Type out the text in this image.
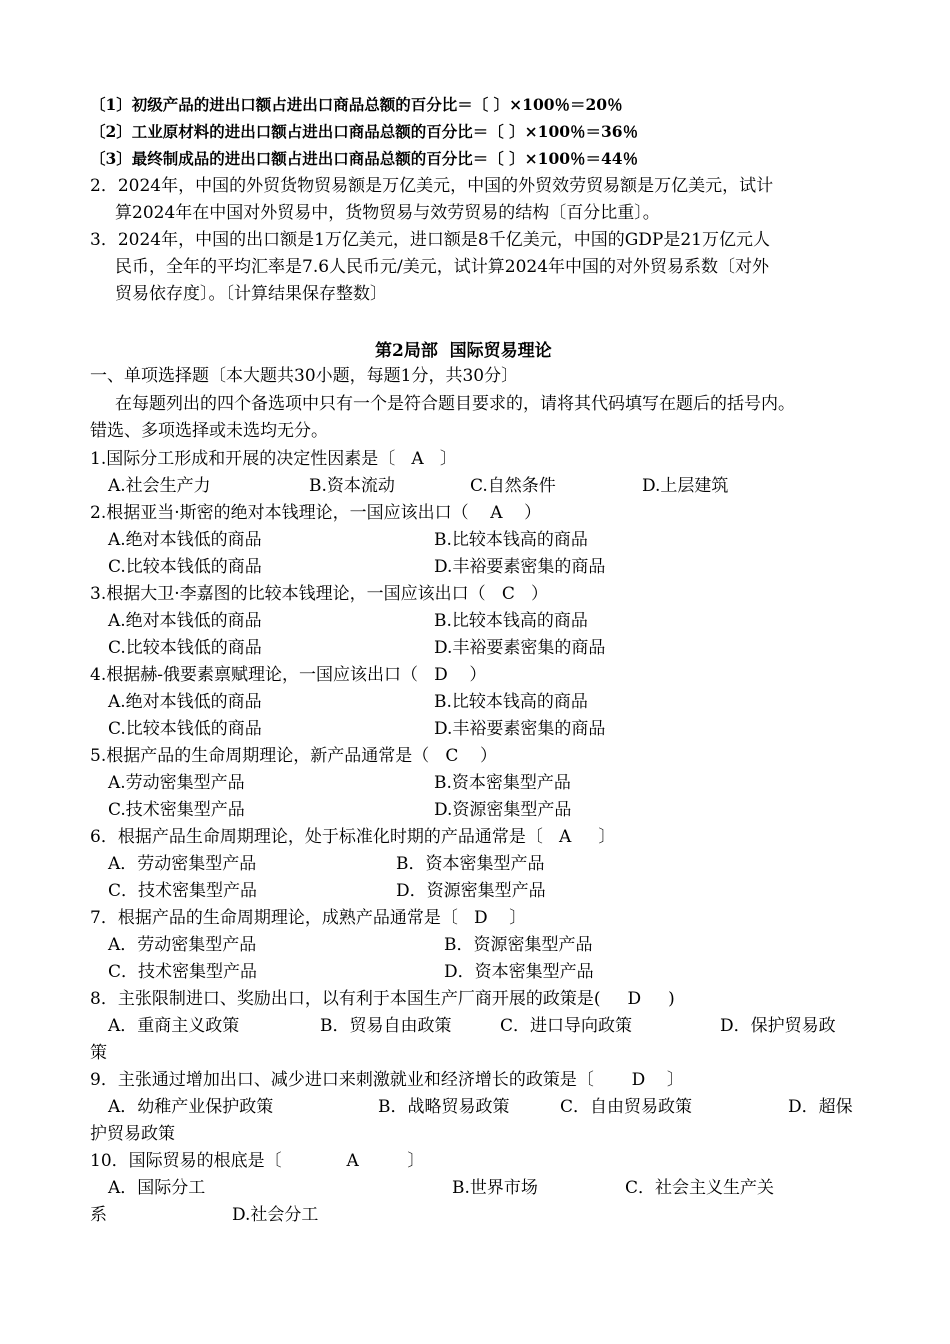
〔1〕初级产品的进出口额占进出口商品总额的百分比＝〔 〕×100％＝20％
〔2〕工业原材料的进出口额占进出口商品总额的百分比＝〔 〕×100％＝36％
〔3〕最终制成品的进出口额占进出口商品总额的百分比＝〔 〕×100％＝44％
2．2024年，中国的外贸货物贸易额是万亿美元，中国的外贸效劳贸易额是万亿美元，试计
算2024年在中国对外贸易中，货物贸易与效劳贸易的结构〔百分比重〕。
3．2024年，中国的出口额是1万亿美元，进口额是8千亿美元，中国的GDP是21万亿元人
民币，全年的平均汇率是7.6人民币元/美元，试计算2024年中国的对外贸易系数〔对外
贸易依存度〕。〔计算结果保存整数〕
第2局部  国际贸易理论
一、单项选择题〔本大题共30小题，每题1分，共30分〕
在每题列出的四个备选项中只有一个是符合题目要求的，请将其代码填写在题后的括号内。
错选、多项选择或未选均无分。
1.国际分工形成和开展的决定性因素是〔   A   〕
A.社会生产力	B.资本流动	C.自然条件	D.上层建筑
2.根据亚当·斯密的绝对本钱理论，一国应该出口（    A    ）
A.绝对本钱低的商品	B.比较本钱高的商品
C.比较本钱低的商品	D.丰裕要素密集的商品
3.根据大卫·李嘉图的比较本钱理论，一国应该出口（   C   ）
A.绝对本钱低的商品	B.比较本钱高的商品
C.比较本钱低的商品	D.丰裕要素密集的商品
4.根据赫-俄要素禀赋理论，一国应该出口（   D    ）
A.绝对本钱低的商品	B.比较本钱高的商品
C.比较本钱低的商品	D.丰裕要素密集的商品
5.根据产品的生命周期理论，新产品通常是（   C    ）
A.劳动密集型产品	B.资本密集型产品
C.技术密集型产品	D.资源密集型产品
6．根据产品生命周期理论，处于标准化时期的产品通常是〔   A     〕
A．劳动密集型产品	B．资本密集型产品
C．技术密集型产品	D．资源密集型产品
7．根据产品的生命周期理论，成熟产品通常是〔   D    〕
A．劳动密集型产品	B．资源密集型产品
C．技术密集型产品	D．资本密集型产品
8．主张限制进口、奖励出口，以有利于本国生产厂商开展的政策是(     D     )
A．重商主义政策	B．贸易自由政策	C．进口导向政策	D．保护贸易政
策
9．主张通过增加出口、减少进口来刺激就业和经济增长的政策是〔       D    〕
A．幼稚产业保护政策	B．战略贸易政策	C．自由贸易政策	D．超保
护贸易政策
10．国际贸易的根底是〔            A         〕
A．国际分工	B.世界市场	C．社会主义生产关
系	D.社会分工
